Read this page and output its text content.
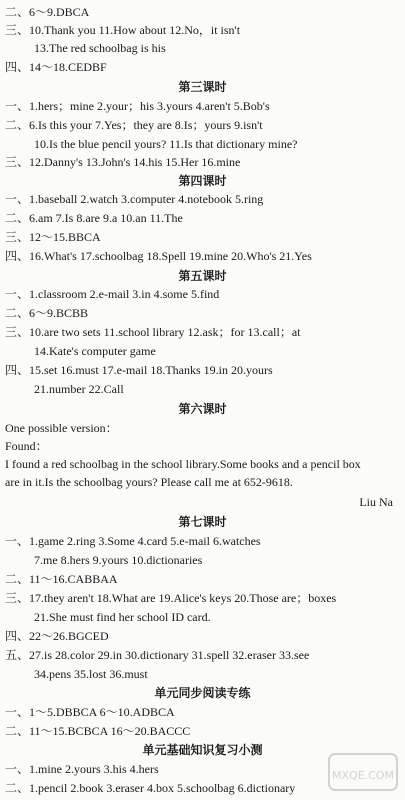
二、6～9.DBCA
三、10.Thank you 11.How about 12.No，it isn't
13.The red schoolbag is his
四、14～18.CEDBF
第三课时
一、1.hers；mine 2.your；his 3.yours 4.aren't 5.Bob's
二、6.Is this your 7.Yes；they are 8.Is；yours 9.isn't
10.Is the blue pencil yours? 11.Is that dictionary mine?
三、12.Danny's 13.John's 14.his 15.Her 16.mine
第四课时
一、1.baseball 2.watch 3.computer 4.notebook 5.ring
二、6.am 7.Is 8.are 9.a 10.an 11.The
三、12～15.BBCA
四、16.What's 17.schoolbag 18.Spell 19.mine 20.Who's 21.Yes
第五课时
一、1.classroom 2.e-mail 3.in 4.some 5.find
二、6～9.BCBB
三、10.are two sets 11.school library 12.ask；for 13.call；at
14.Kate's computer game
四、15.set 16.must 17.e-mail 18.Thanks 19.in 20.yours
21.number 22.Call
第六课时
One possible version：
Found：
I found a red schoolbag in the school library.Some books and a pencil box
are in it.Is the schoolbag yours? Please call me at 652-9618.
Liu Na
第七课时
一、1.game 2.ring 3.Some 4.card 5.e-mail 6.watches
7.me 8.hers 9.yours 10.dictionaries
二、11～16.CABBAA
三、17.they aren't 18.What are 19.Alice's keys 20.Those are；boxes
21.She must find her school ID card.
四、22～26.BGCED
五、27.is 28.color 29.in 30.dictionary 31.spell 32.eraser 33.see
34.pens 35.lost 36.must
单元同步阅读专练
一、1～5.DBBCA 6～10.ADBCA
二、11～15.BCBCA 16～20.BACCC
单元基础知识复习小测
一、1.mine 2.yours 3.his 4.hers
二、1.pencil 2.book 3.eraser 4.box 5.schoolbag 6.dictionary
MXQE.COM
